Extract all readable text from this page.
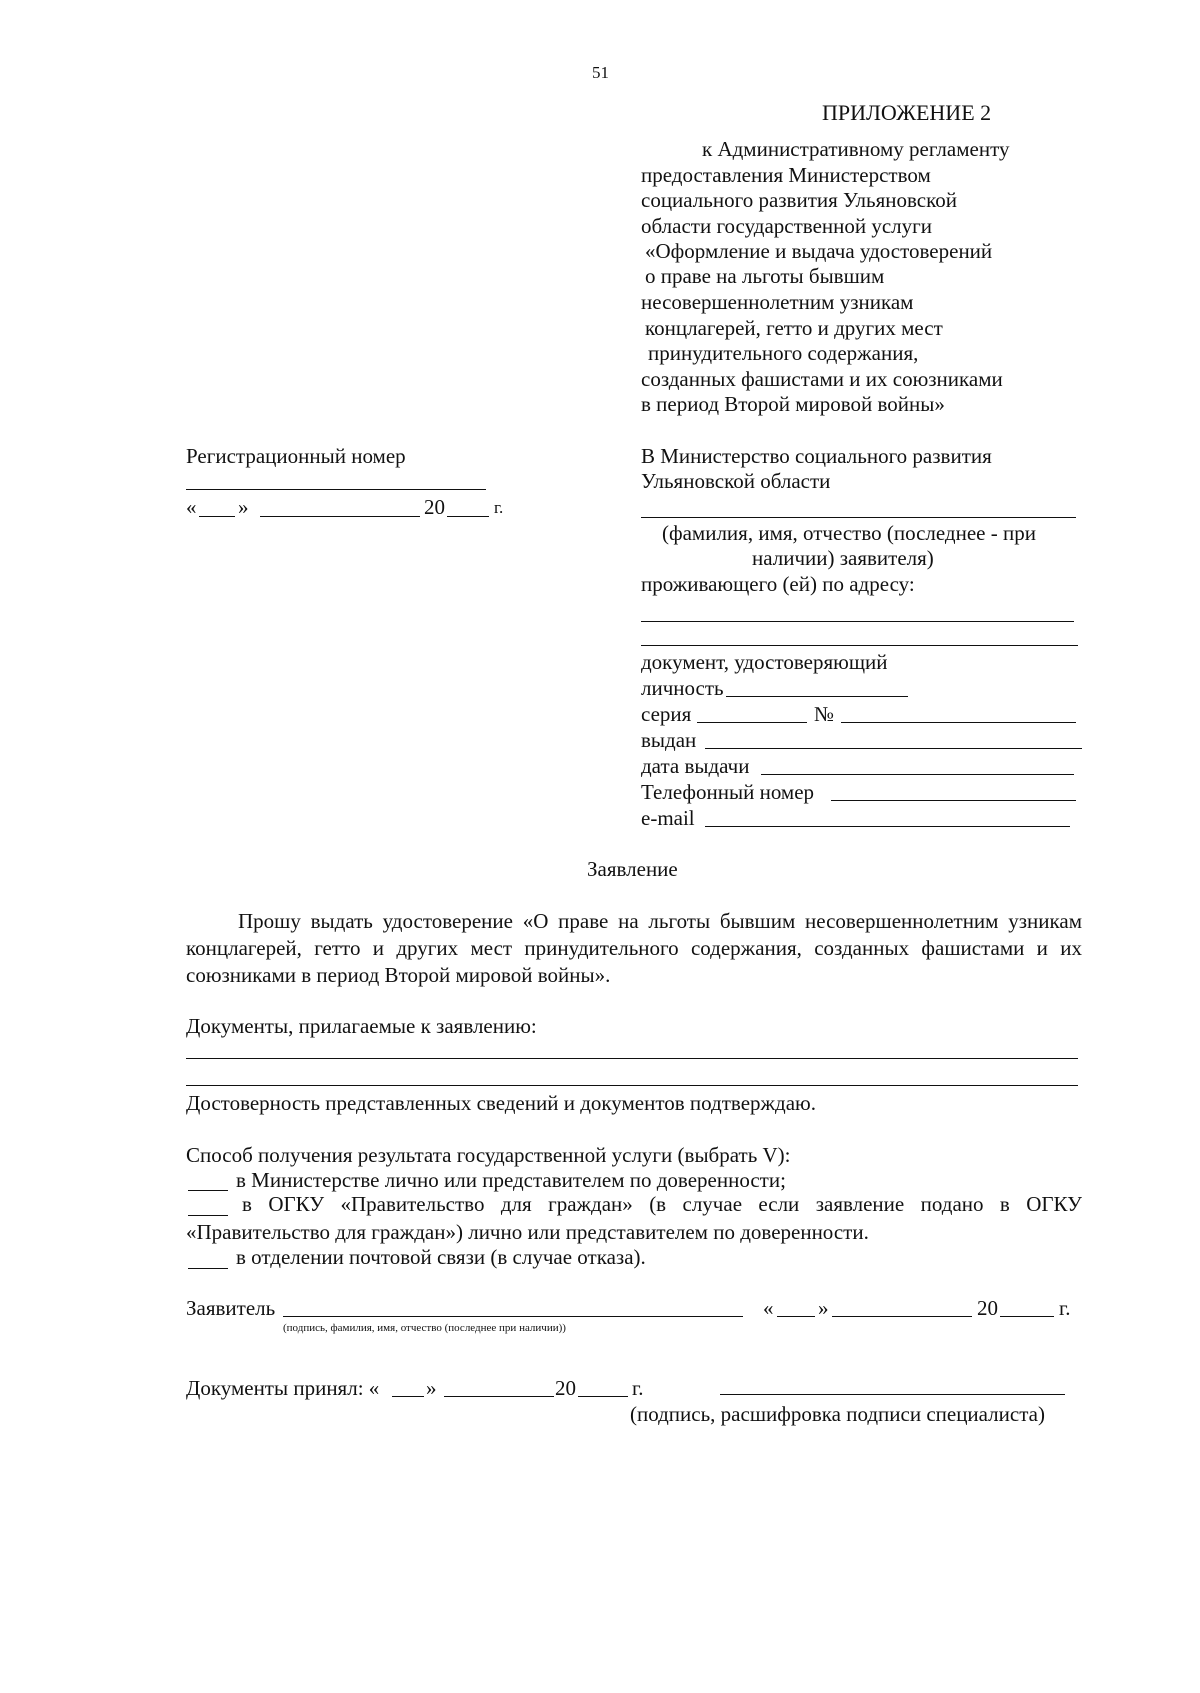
51
ПРИЛОЖЕНИЕ 2
к Административному регламенту
предоставления Министерством
социального развития Ульяновской
области государственной услуги
«Оформление и выдача удостоверений
о праве на льготы бывшим
несовершеннолетним узникам
концлагерей, гетто и других мест
принудительного содержания,
созданных фашистами и их союзниками
в период Второй мировой войны»
Регистрационный номер
« »	20	г.
В Министерство социального развития
Ульяновской области
(фамилия, имя, отчество (последнее - при
наличии) заявителя)
проживающего (ей) по адресу:
документ, удостоверяющий
личность
серия	№
выдан
дата выдачи
Телефонный номер
e-mail
Заявление
Прошу выдать удостоверение «О праве на льготы бывшим несовершеннолетним узникам концлагерей, гетто и других мест принудительного содержания, созданных фашистами и их союзниками в период Второй мировой войны».
Документы, прилагаемые к заявлению:
Достоверность представленных сведений и документов подтверждаю.
Способ получения результата государственной услуги (выбрать V):
в Министерстве лично или представителем по доверенности;
в ОГКУ «Правительство для граждан» (в случае если заявление подано в ОГКУ
«Правительство для граждан») лично или представителем по доверенности.
в отделении почтовой связи (в случае отказа).
Заявитель
(подпись, фамилия, имя, отчество (последнее при наличии))
« »	20	г.
Документы принял: « »	20	г.
(подпись, расшифровка подписи специалиста)
